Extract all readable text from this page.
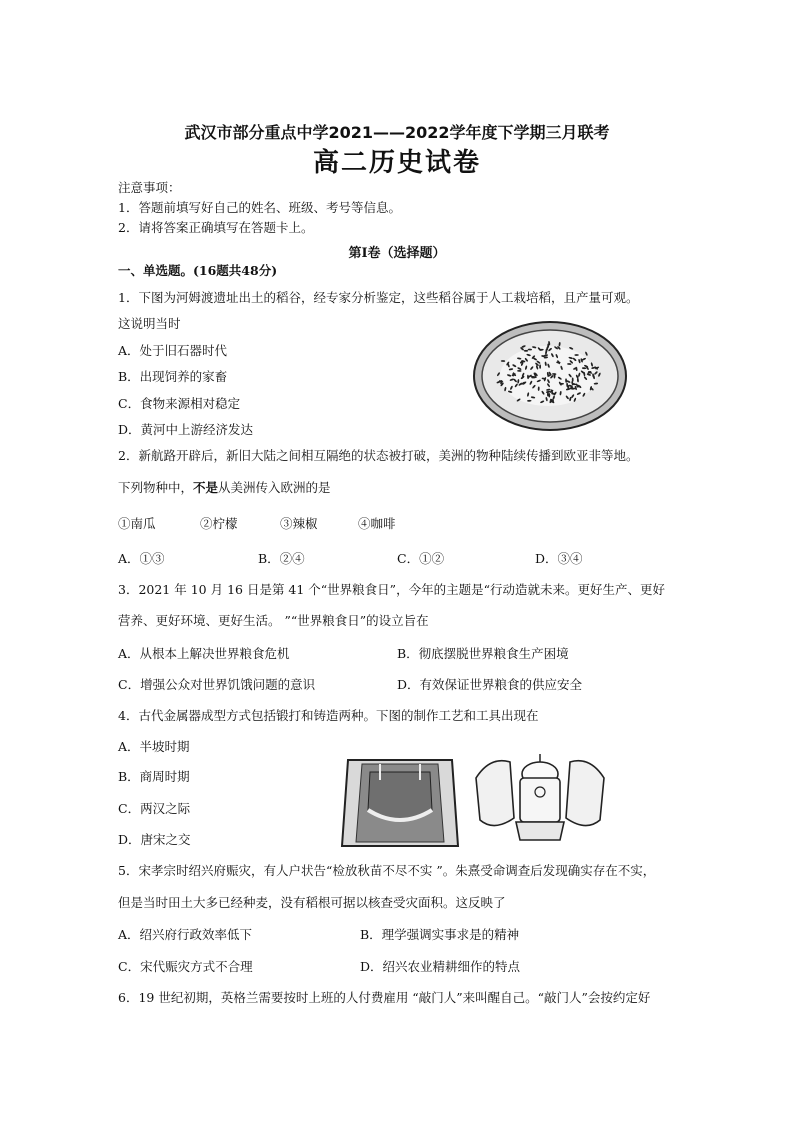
武汉市部分重点中学2021——2022学年度下学期三月联考
高二历史试卷
注意事项：
1．答题前填写好自己的姓名、班级、考号等信息。
2．请将答案正确填写在答题卡上。
第Ⅰ卷（选择题）
一、单选题。(16题共48分)
1．下图为河姆渡遗址出土的稻谷，经专家分析鉴定，这些稻谷属于人工栽培稻，且产量可观。
这说明当时
A．处于旧石器时代
B．出现饲养的家畜
C．食物来源相对稳定
D．黄河中上游经济发达
2．新航路开辟后，新旧大陆之间相互隔绝的状态被打破，美洲的物种陆续传播到欧亚非等地。
下列物种中，不是从美洲传入欧洲的是
①南瓜	②柠檬	③辣椒	④咖啡
A．①③	B．②④	C．①②	D．③④
3．2021 年 10 月 16 日是第 41 个“世界粮食日”，今年的主题是“行动造就未来。更好生产、更好
营养、更好环境、更好生活。 ”“世界粮食日”的设立旨在
A．从根本上解决世界粮食危机	B．彻底摆脱世界粮食生产困境
C．增强公众对世界饥饿问题的意识	D．有效保证世界粮食的供应安全
4．古代金属器成型方式包括锻打和铸造两种。下图的制作工艺和工具出现在
A．半坡时期
B．商周时期
C．两汉之际
D．唐宋之交
5．宋孝宗时绍兴府赈灾，有人户状告“检放秋苗不尽不实 ”。朱熹受命调查后发现确实存在不实，
但是当时田土大多已经种麦，没有稻根可据以核查受灾面积。这反映了
A．绍兴府行政效率低下	B．理学强调实事求是的精神
C．宋代赈灾方式不合理	D．绍兴农业精耕细作的特点
6．19 世纪初期，英格兰需要按时上班的人付费雇用 “敲门人”来叫醒自己。“敲门人”会按约定好
